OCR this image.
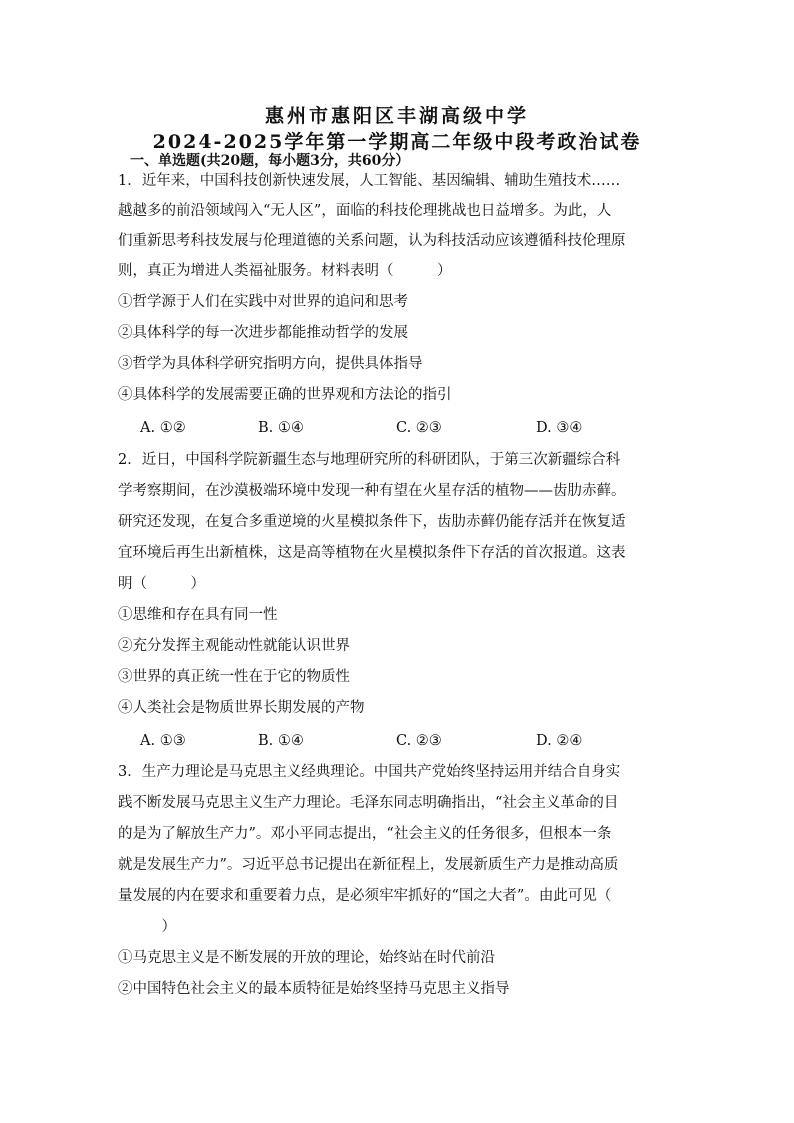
惠州市惠阳区丰湖高级中学
2024-2025学年第一学期高二年级中段考政治试卷
一、单选题(共20题，每小题3分，共60分）
1．近年来，中国科技创新快速发展，人工智能、基因编辑、辅助生殖技术……
越越多的前沿领域闯入“无人区”，面临的科技伦理挑战也日益增多。为此，人
们重新思考科技发展与伦理道德的关系问题，认为科技活动应该遵循科技伦理原
则，真正为增进人类福祉服务。材料表明（　　　）
①哲学源于人们在实践中对世界的追问和思考
②具体科学的每一次进步都能推动哲学的发展
③哲学为具体科学研究指明方向，提供具体指导
④具体科学的发展需要正确的世界观和方法论的指引
A. ①②	B. ①④	C. ②③	D. ③④
2．近日，中国科学院新疆生态与地理研究所的科研团队，于第三次新疆综合科
学考察期间，在沙漠极端环境中发现一种有望在火星存活的植物——齿肋赤藓。
研究还发现，在复合多重逆境的火星模拟条件下，齿肋赤藓仍能存活并在恢复适
宜环境后再生出新植株，这是高等植物在火星模拟条件下存活的首次报道。这表
明（　　　）
①思维和存在具有同一性
②充分发挥主观能动性就能认识世界
③世界的真正统一性在于它的物质性
④人类社会是物质世界长期发展的产物
A. ①③	B. ①④	C. ②③	D. ②④
3．生产力理论是马克思主义经典理论。中国共产党始终坚持运用并结合自身实
践不断发展马克思主义生产力理论。毛泽东同志明确指出，“社会主义革命的目
的是为了解放生产力”。邓小平同志提出，“社会主义的任务很多，但根本一条
就是发展生产力”。习近平总书记提出在新征程上，发展新质生产力是推动高质
量发展的内在要求和重要着力点，是必须牢牢抓好的“国之大者”。由此可见（
　　　）
①马克思主义是不断发展的开放的理论，始终站在时代前沿
②中国特色社会主义的最本质特征是始终坚持马克思主义指导
